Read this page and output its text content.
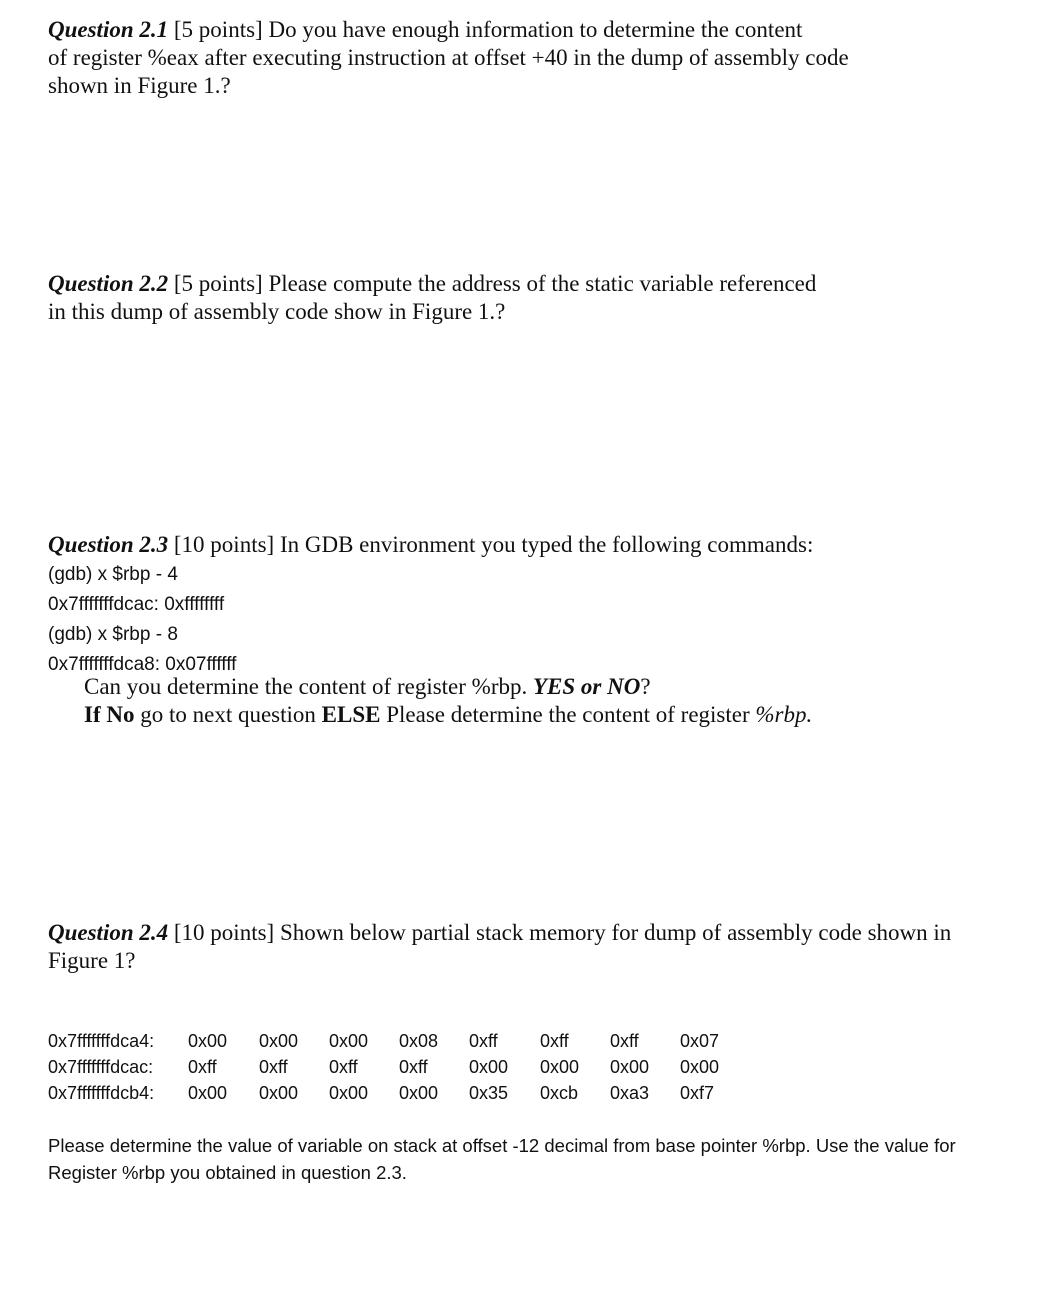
Question 2.1 [5 points] Do you have enough information to determine the content
of register %eax after executing instruction at offset +40 in the dump of assembly code
shown in Figure 1.?
Question 2.2 [5 points] Please compute the address of the static variable referenced
in this dump of assembly code show in Figure 1.?
Question 2.3 [10 points] In GDB environment you typed the following commands:
(gdb) x $rbp - 4
0x7fffffffdcac: 0xffffffff
(gdb) x $rbp - 8
0x7fffffffdca8: 0x07ffffff
Can you determine the content of register %rbp. YES or NO?
If No go to next question ELSE Please determine the content of register %rbp.
Question 2.4 [10 points] Shown below partial stack memory for dump of assembly code shown in
Figure 1?
0x7fffffffdca4: 0x00 0x00 0x00 0x08 0xff 0xff 0xff 0x07
0x7fffffffdcac: 0xff 0xff 0xff 0xff 0x00 0x00 0x00 0x00
0x7fffffffdcb4: 0x00 0x00 0x00 0x00 0x35 0xcb 0xa3 0xf7
Please determine the value of variable on stack at offset -12 decimal from base pointer %rbp. Use the value for
Register %rbp you obtained in question 2.3.
